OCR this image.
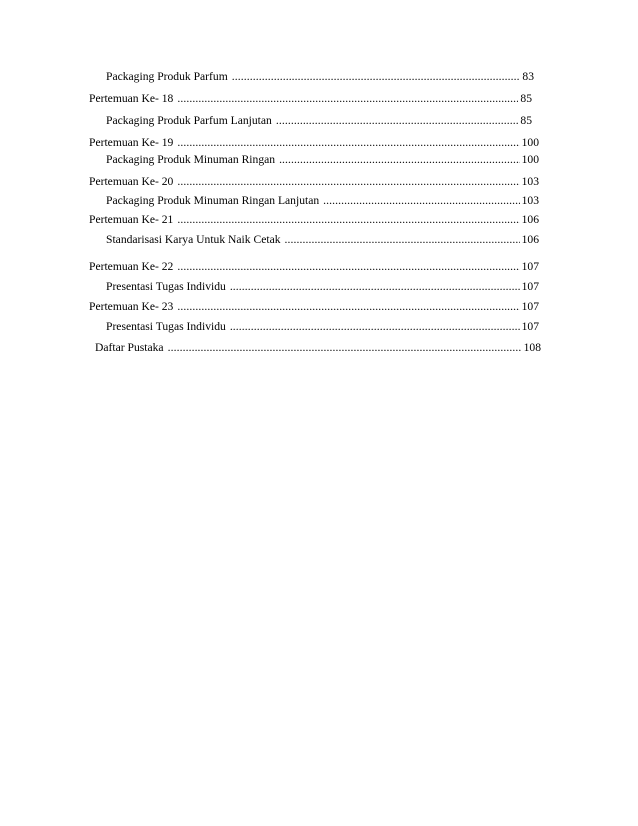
Packaging Produk Parfum .....	83
Pertemuan Ke- 18 .....	85
Packaging Produk Parfum Lanjutan .....	85
Pertemuan Ke- 19 .....	100
Packaging Produk Minuman Ringan .....	100
Pertemuan Ke- 20 .....	103
Packaging Produk Minuman Ringan Lanjutan .....	103
Pertemuan Ke- 21 .....	106
Standarisasi Karya Untuk Naik Cetak .....	106
Pertemuan Ke- 22 .....	107
Presentasi Tugas Individu .....	107
Pertemuan Ke- 23 .....	107
Presentasi Tugas Individu .....	107
Daftar Pustaka .....	108
